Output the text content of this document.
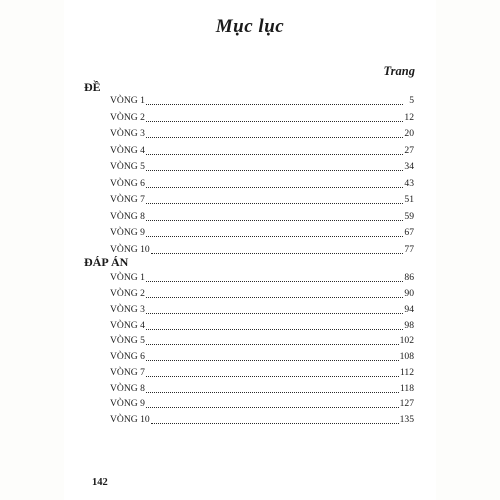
Mục lục
Trang
ĐỀ
VÒNG 1	5
VÒNG 2	12
VÒNG 3	20
VÒNG 4	27
VÒNG 5	34
VÒNG 6	43
VÒNG 7	51
VÒNG 8	59
VÒNG 9	67
VÒNG 10	77
ĐÁP ÁN
VÒNG 1	86
VÒNG 2	90
VÒNG 3	94
VÒNG 4	98
VÒNG 5	102
VÒNG 6	108
VÒNG 7	112
VÒNG 8	118
VÒNG 9	127
VÒNG 10	135
142
